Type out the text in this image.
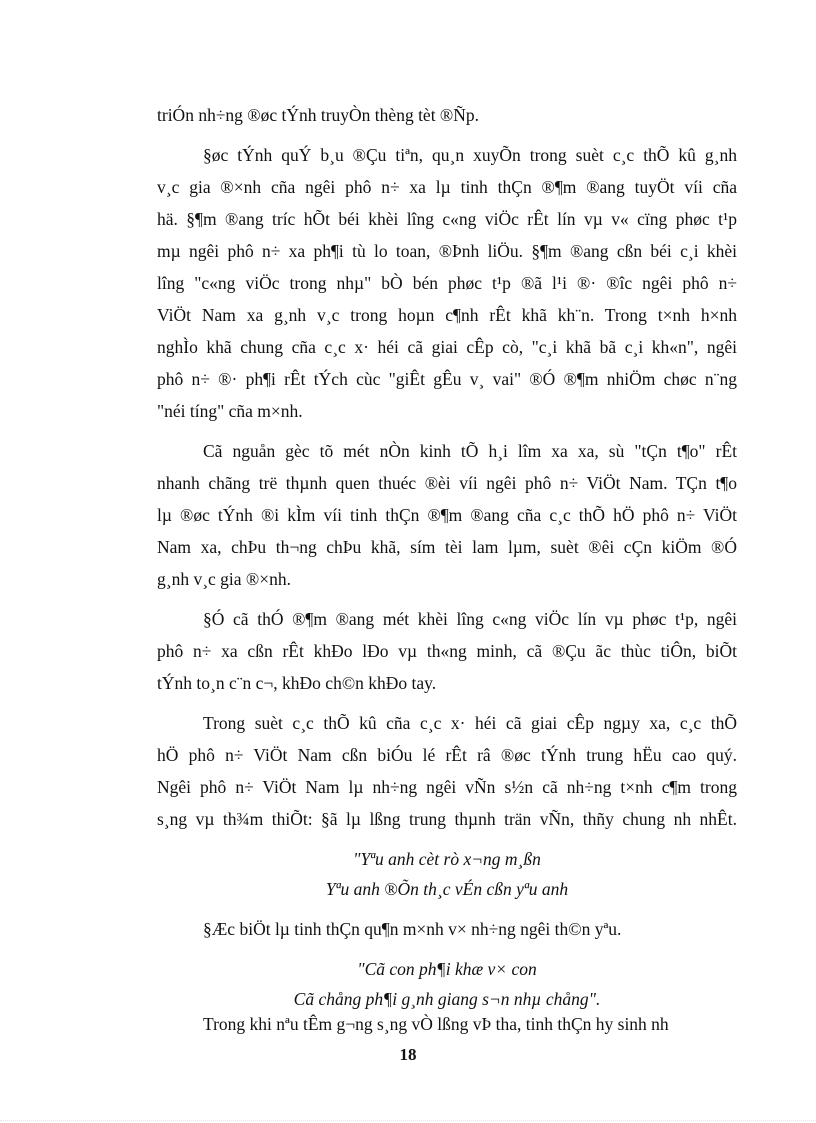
triÓn nh÷ng ®øc tÝnh truyÒn thèng tèt ®Ñp.
§øc tÝnh quÝ b¸u ®Çu tiªn, qu¸n xuyÕn trong suèt c¸c thÕ kû g¸nh
v¸c gia ®×nh cña ngêi phô n÷ xa lµ tinh thÇn ®¶m ®ang tuyÖt víi cña
hä. §¶m ®ang tríc hÕt béi khèi lîng c«ng viÖc rÊt lín vµ v« cïng phøc t¹p
mµ ngêi phô n÷ xa ph¶i tù lo toan, ®Þnh liÖu. §¶m ®ang cßn béi c¸i khèi
lîng "c«ng viÖc trong nhµ" bÒ bén phøc t¹p ®ã l¹i ®· ®îc ngêi phô n÷
ViÖt Nam xa g¸nh v¸c trong hoµn c¶nh rÊt khã kh¨n. Trong t×nh h×nh
nghÌo khã chung cña c¸c x· héi cã giai cÊp cò, "c¸i khã bã c¸i kh«n", ngêi
phô n÷ ®· ph¶i rÊt tÝch cùc "giÊt gÊu v¸ vai" ®Ó ®¶m nhiÖm chøc n¨ng
"néi tíng" cña m×nh.
Cã nguån gèc tõ mét nÒn kinh tÕ h¸i lîm xa xa, sù "tÇn t¶o" rÊt
nhanh chãng trë thµnh quen thuéc ®èi víi ngêi phô n÷ ViÖt Nam. TÇn t¶o
lµ ®øc tÝnh ®i kÌm víi tinh thÇn ®¶m ®ang cña c¸c thÕ hÖ phô n÷ ViÖt
Nam xa, chÞu th¬ng chÞu khã, sím tèi lam lµm, suèt ®êi cÇn kiÖm ®Ó
g¸nh v¸c gia ®×nh.
§Ó cã thÓ ®¶m ®ang mét khèi lîng c«ng viÖc lín vµ phøc t¹p, ngêi
phô n÷ xa cßn rÊt khÐo lÐo vµ th«ng minh, cã ®Çu ãc thùc tiÔn, biÕt
tÝnh to¸n c¨n c¬, khÐo ch©n khÐo tay.
Trong suèt c¸c thÕ kû cña c¸c x· héi cã giai cÊp ngµy xa, c¸c thÕ
hÖ phô n÷ ViÖt Nam cßn biÓu lé rÊt râ ®øc tÝnh trung hËu cao quý.
Ngêi phô n÷ ViÖt Nam lµ nh÷ng ngêi vÑn s½n cã nh÷ng t×nh c¶m trong
s¸ng vµ th¾m thiÕt: §ã lµ lßng trung thµnh trän vÑn, thñy chung nh nhÊt.
"Yªu anh cèt rò x¬ng m¸ßn
Yªu anh ®Õn th¸c vÉn cßn yªu anh
§Æc biÖt lµ tinh thÇn qu¶n m×nh v× nh÷ng ngêi th©n yªu.
"Cã con ph¶i khæ v× con
Cã chång ph¶i g¸nh giang s¬n nhµ chång".
Trong khi nªu tÊm g¬ng s¸ng vÒ lßng vÞ tha, tinh thÇn hy sinh nh
18
